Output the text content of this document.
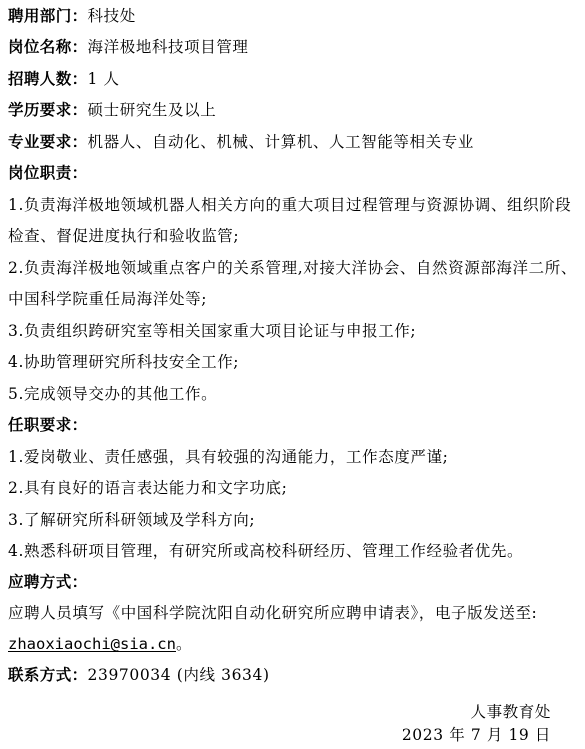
聘用部门：科技处
岗位名称：海洋极地科技项目管理
招聘人数：1 人
学历要求：硕士研究生及以上
专业要求：机器人、自动化、机械、计算机、人工智能等相关专业
岗位职责：
1.负责海洋极地领域机器人相关方向的重大项目过程管理与资源协调、组织阶段
检查、督促进度执行和验收监管;
2.负责海洋极地领域重点客户的关系管理,对接大洋协会、自然资源部海洋二所、
中国科学院重任局海洋处等;
3.负责组织跨研究室等相关国家重大项目论证与申报工作;
4.协助管理研究所科技安全工作;
5.完成领导交办的其他工作。
任职要求：
1.爱岗敬业、责任感强，具有较强的沟通能力，工作态度严谨;
2.具有良好的语言表达能力和文字功底;
3.了解研究所科研领域及学科方向;
4.熟悉科研项目管理，有研究所或高校科研经历、管理工作经验者优先。
应聘方式：
应聘人员填写《中国科学院沈阳自动化研究所应聘申请表》，电子版发送至:
zhaoxiaochi@sia.cn。
联系方式：23970034 (内线 3634)
人事教育处
2023 年 7 月 19 日
